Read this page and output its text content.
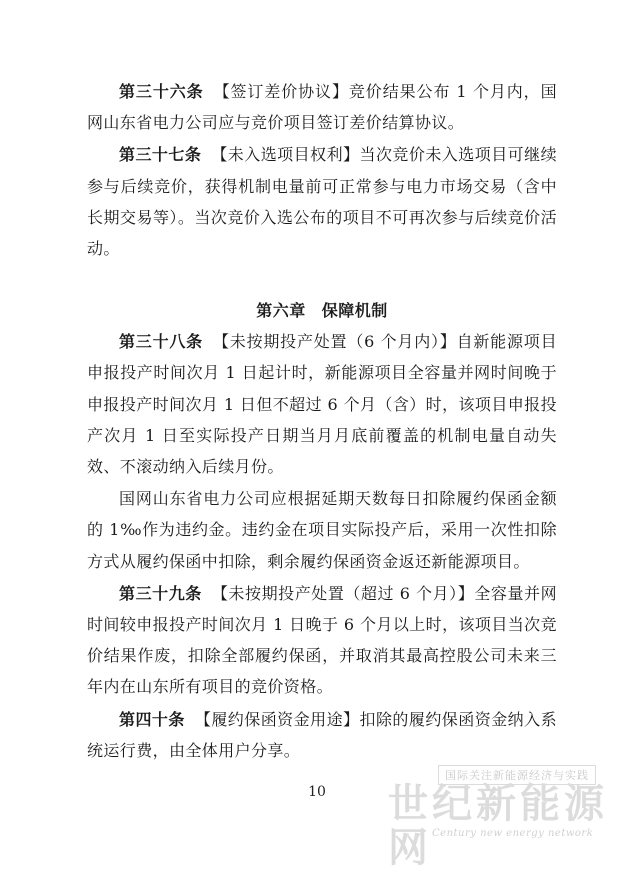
第三十六条 【签订差价协议】竞价结果公布 1 个月内，国网山东省电力公司应与竞价项目签订差价结算协议。

第三十七条 【未入选项目权利】当次竞价未入选项目可继续参与后续竞价，获得机制电量前可正常参与电力市场交易（含中长期交易等）。当次竞价入选公布的项目不可再次参与后续竞价活动。

第六章 保障机制

第三十八条 【未按期投产处置（6 个月内）】自新能源项目申报投产时间次月 1 日起计时，新能源项目全容量并网时间晚于申报投产时间次月 1 日但不超过 6 个月（含）时，该项目申报投产次月 1 日至实际投产日期当月月底前覆盖的机制电量自动失效、不滚动纳入后续月份。

国网山东省电力公司应根据延期天数每日扣除履约保函金额的 1‰作为违约金。违约金在项目实际投产后，采用一次性扣除方式从履约保函中扣除，剩余履约保函资金返还新能源项目。

第三十九条 【未按期投产处置（超过 6 个月）】全容量并网时间较申报投产时间次月 1 日晚于 6 个月以上时，该项目当次竞价结果作废，扣除全部履约保函，并取消其最高控股公司未来三年内在山东所有项目的竞价资格。

第四十条 【履约保函资金用途】扣除的履约保函资金纳入系统运行费，由全体用户分享。

10
国际关注新能源经济与实践
世纪新能源网 Century new energy network
